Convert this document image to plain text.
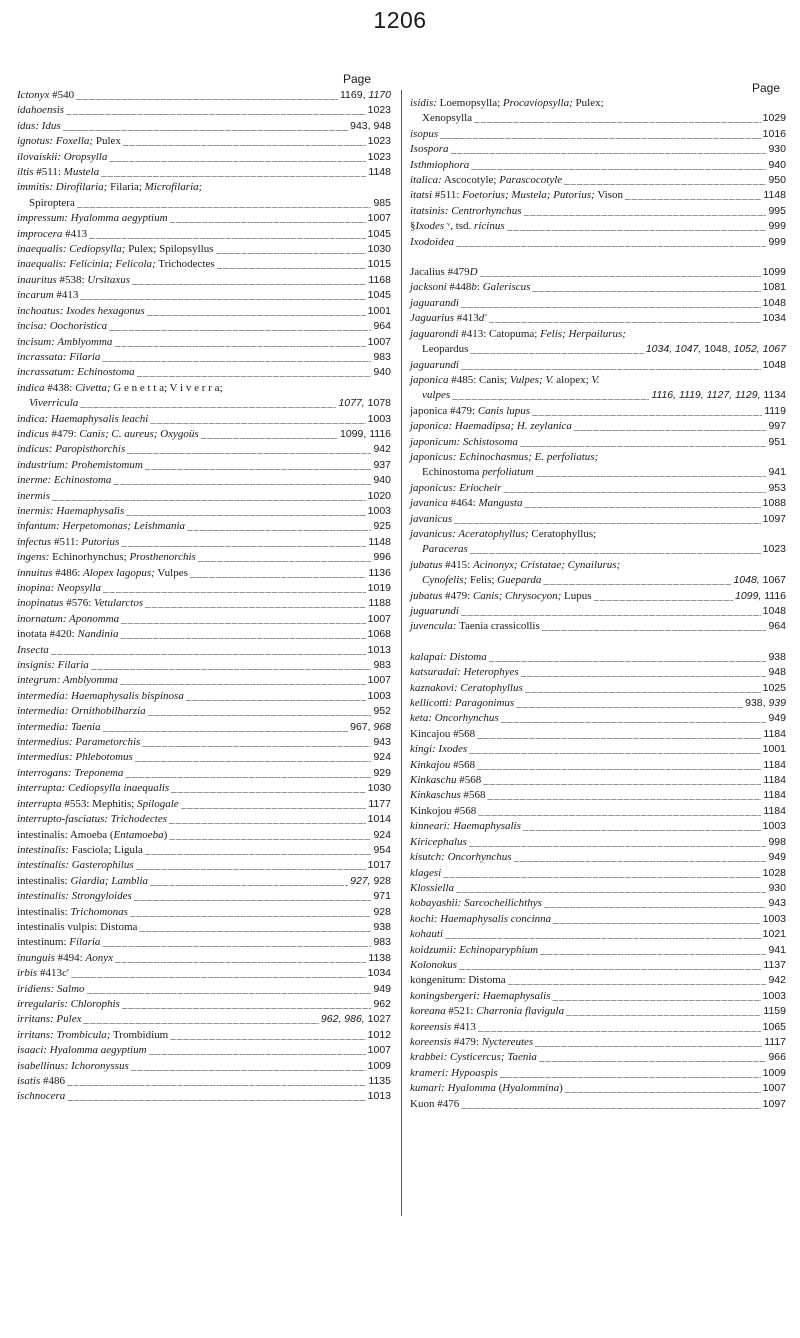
1206
Page
Page
Ictonyx #540 _____	1169, 1170
idahoensis _____	1023
idus: Idus _____	943, 948
ignotus: Foxella; Pulex _____	1023
ilovaiskii: Oropsylla _____	1023
iltis #511: Mustela _____	1148
immitis: Dirofilaria; Filaria; Microfilaria;
Spiroptera _____	985
impressum: Hyalomma aegyptium _____	1007
improcera #413 _____	1045
inaequalis: Cediopsylla; Pulex; Spilopsyllus _____	1030
inaequalis: Felicinia; Felicola; Trichodectes _____	1015
inauritus #538: Ursitaxus _____	1168
incarum #413 _____	1045
inchoatus: Ixodes hexagonus _____	1001
incisa: Oochoristica _____	964
incisum: Amblyomma _____	1007
incrassata: Filaria _____	983
incrassatum: Echinostoma _____	940
indica #438: Civetta; G e n e t t a; V i v e r r a;
Viverricula _____	1077, 1078
indica: Haemaphysalis leachi _____	1003
indicus #479: Canis; C. aureus; Oxygoüs _____	1099, 1116
indicus: Paropisthorchis _____	942
industrium: Prohemistomum _____	937
inerme: Echinostoma _____	940
inermis _____	1020
inermis: Haemaphysalis _____	1003
infantum: Herpetomonas; Leishmania _____	925
infectus #511: Putorius _____	1148
ingens: Echinorhynchus; Prosthenorchis _____	996
innuitus #486: Alopex lagopus; Vulpes _____	1136
inopina: Neopsylla _____	1019
inopinatus #576: Vetularctos _____	1188
inornatum: Aponomma _____	1007
inotata #420: Nandinia _____	1068
Insecta _____	1013
insignis: Filaria _____	983
integrum: Amblyomma _____	1007
intermedia: Haemaphysalis bispinosa _____	1003
intermedia: Ornithobilharzia _____	952
intermedia: Taenia _____	967, 968
intermedius: Parametorchis _____	943
intermedius: Phlebotomus _____	924
interrogans: Treponema _____	929
interrupta: Cediopsylla inaequalis _____	1030
interrupta #553: Mephitis; Spilogale _____	1177
interrupto-fasciatus: Trichodectes _____	1014
intestinalis: Amoeba (Entamoeba) _____	924
intestinalis: Fasciola; Ligula _____	954
intestinalis: Gasterophilus _____	1017
intestinalis: Giardia; Lamblia _____	927, 928
intestinalis: Strongyloides _____	971
intestinalis: Trichomonas _____	928
intestinalis vulpis: Distoma _____	938
intestinum: Filaria _____	983
inunguis #494: Aonyx _____	1138
irbis #413c′ _____	1034
iridiens: Salmo _____	949
irregularis: Chlorophis _____	962
irritans: Pulex _____	962, 986, 1027
irritans: Trombicula; Trombidium _____	1012
isaaci: Hyalomma aegyptium _____	1007
isabellinus: Ichoronyssus _____	1009
isatis #486 _____	1135
ischnocera _____	1013
isidis: Loemopsylla; Procaviopsylla; Pulex;
Xenopsylla _____	1029
isopus _____	1016
Isospora _____	930
Isthmiophora _____	940
italica: Ascocotyle; Parascocotyle _____	950
itatsi #511: Foetorius; Mustela; Putorius; Vison _____	1148
itatsinis: Centrorhynchus _____	995
§Ixodes ᵛ, tsd. ricinus _____	999
Ixodoidea _____	999
Jacalius #479D _____	1099
jacksoni #448b: Galeriscus _____	1081
jaguarandi _____	1048
Jaguarius #413d′ _____	1034
jaguarondi #413: Catopuma; Felis; Herpailurus;
Leopardus _____	1034, 1047, 1048, 1052, 1067
jaguarundi _____	1048
japonica #485: Canis; Vulpes; V. alopex; V.
vulpes _____	1116, 1119, 1127, 1129, 1134
japonica #479: Canis lupus _____	1119
japonica: Haemadipsa; H. zeylanica _____	997
japonicum: Schistosoma _____	951
japonicus: Echinochasmus; E. perfoliatus;
Echinostoma perfoliatum _____	941
japonicus: Eriocheir _____	953
javanica #464: Mangusta _____	1088
javanicus _____	1097
javanicus: Aceratophyllus; Ceratophyllus;
Paraceras _____	1023
jubatus #415: Acinonyx; Cristatae; Cynailurus;
Cynofelis; Felis; Gueparda _____	1048, 1067
jubatus #479: Canis; Chrysocyon; Lupus _____	1099, 1116
juguarundi _____	1048
juvencula: Taenia crassicollis _____	964
kalapai: Distoma _____	938
katsuradai: Heterophyes _____	948
kaznakovi: Ceratophyllus _____	1025
kellicotti: Paragonimus _____	938, 939
keta: Oncorhynchus _____	949
Kincajou #568 _____	1184
kingi: Ixodes _____	1001
Kinkajou #568 _____	1184
Kinkaschu #568 _____	1184
Kinkaschus #568 _____	1184
Kinkojou #568 _____	1184
kinneari: Haemaphysalis _____	1003
Kiricephalus _____	998
kisutch: Oncorhynchus _____	949
klagesi _____	1028
Klossiella _____	930
kobayashii: Sarcocheilichthys _____	943
kochi: Haemaphysalis concinna _____	1003
kohauti _____	1021
koidzumii: Echinoparyphium _____	941
Kolonokus _____	1137
kongenitum: Distoma _____	942
koningsbergeri: Haemaphysalis _____	1003
koreana #521: Charronia flavigula _____	1159
koreensis #413 _____	1065
koreensis #479: Nyctereutes _____	1117
krabbei: Cysticercus; Taenia _____	966
krameri: Hypoaspis _____	1009
kumari: Hyalomma (Hyalommina) _____	1007
Kuon #476 _____	1097
